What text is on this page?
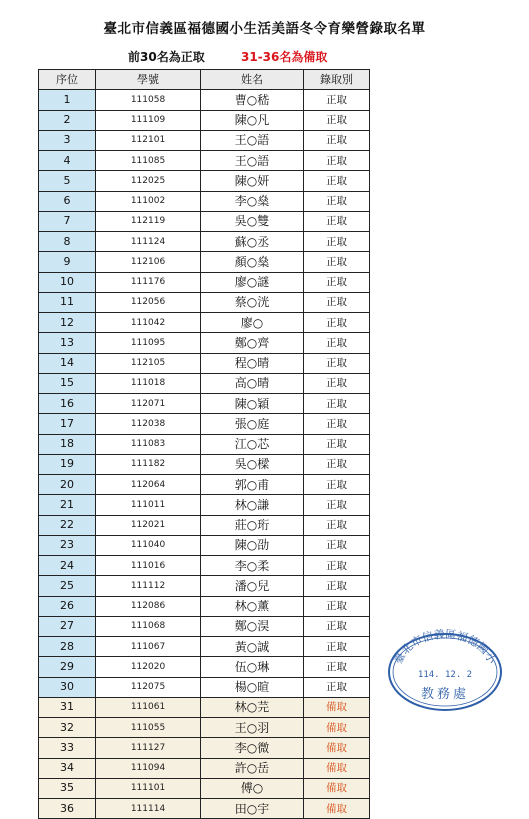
臺北市信義區福德國小生活美語冬令育樂營錄取名單
前30名為正取	31-36名為備取
序位	學號	姓名	錄取別
1	111058	曹○嵇	正取
2	111109	陳○凡	正取
3	112101	王○語	正取
4	111085	王○語	正取
5	112025	陳○妍	正取
6	111002	李○燊	正取
7	112119	吳○雙	正取
8	111124	蘇○丞	正取
9	112106	顏○燊	正取
10	111176	廖○謎	正取
11	112056	蔡○洸	正取
12	111042	廖○	正取
13	111095	鄭○齊	正取
14	112105	程○晴	正取
15	111018	高○晴	正取
16	112071	陳○穎	正取
17	112038	張○庭	正取
18	111083	江○芯	正取
19	111182	吳○樑	正取
20	112064	郭○甫	正取
21	111011	林○謙	正取
22	112021	莊○珩	正取
23	111040	陳○劭	正取
24	111016	李○柔	正取
25	111112	潘○兒	正取
26	112086	林○薰	正取
27	111068	鄭○淏	正取
28	111067	黃○誠	正取
29	112020	伍○琳	正取
30	112075	楊○暄	正取
31	111061	林○芫	備取
32	111055	王○羽	備取
33	111127	李○微	備取
34	111094	許○岳	備取
35	111101	傅○	備取
36	111114	田○宇	備取
臺北市信義區福德國小
114. 12. 2
教務處
